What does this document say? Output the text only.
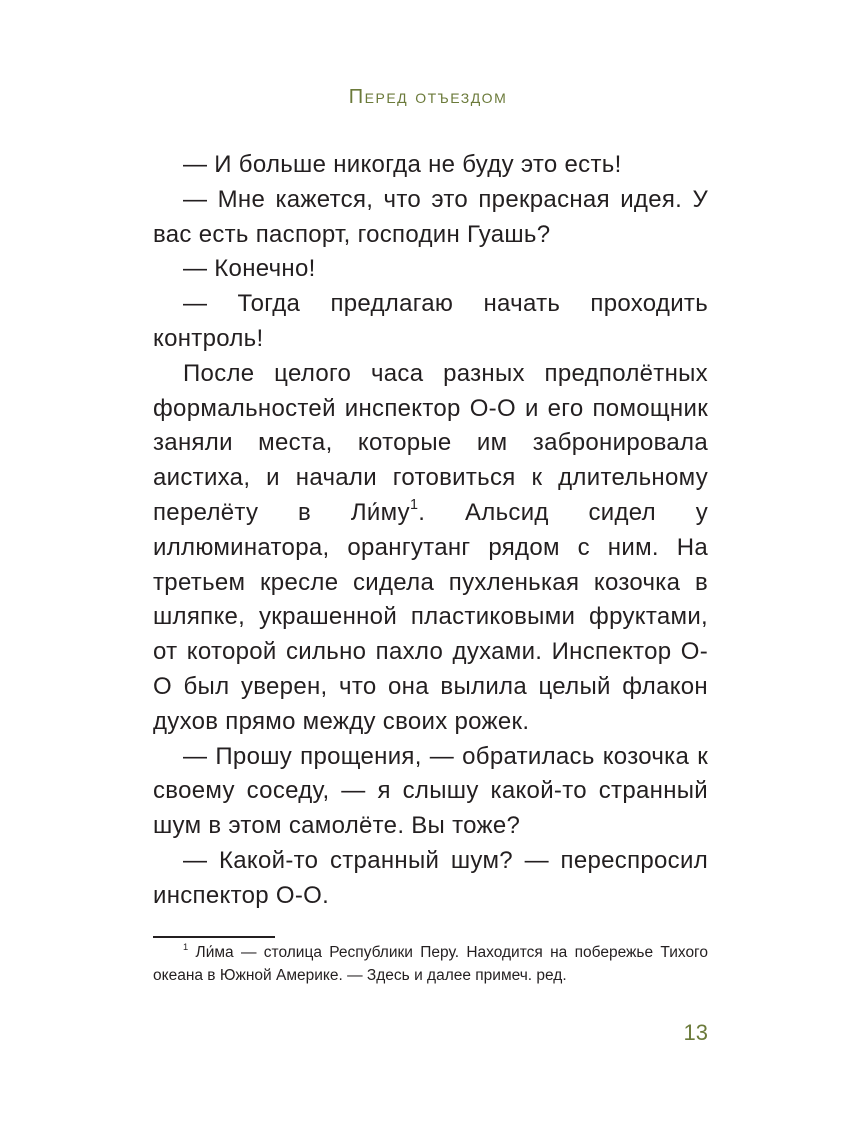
Перед отъездом

— И больше никогда не буду это есть!

— Мне кажется, что это прекрасная идея. У вас есть паспорт, господин Гуашь?

— Конечно!

— Тогда предлагаю начать проходить контроль!

После целого часа разных предполётных формальностей инспектор О-О и его помощник заняли места, которые им забронировала аистиха, и начали готовиться к длительному перелёту в $Ли́му^1$. Альсид сидел у иллюминатора, орангутанг рядом с ним. На третьем кресле сидела пухленькая козочка в шляпке, украшенной пластиковыми фруктами, от которой сильно пахло духами. Инспектор О-О был уверен, что она вылила целый флакон духов прямо между своих рожек.

— Прошу прощения, — обратилась козочка к своему соседу, — я слышу какой-то странный шум в этом самолёте. Вы тоже?

— Какой-то странный шум? — переспросил инспектор О-О.

$^1$ Ли́ма — столица Республики Перу. Находится на побережье Тихого океана в Южной Америке. — Здесь и далее примеч. ред.
13
